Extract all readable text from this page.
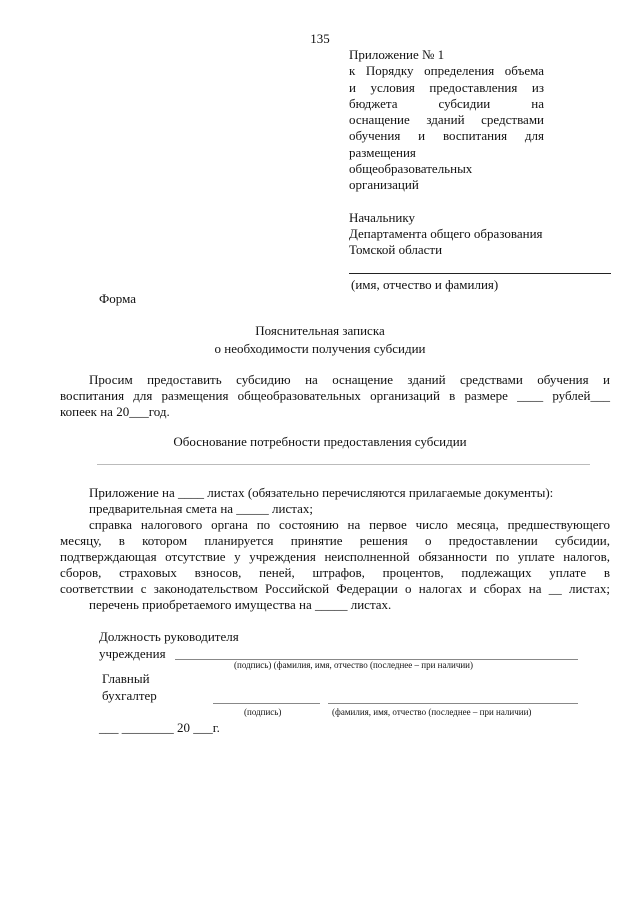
135
Приложение № 1
к Порядку определения объема
и условия предоставления из
бюджета субсидии на
оснащение зданий средствами
обучения и воспитания для
размещения
общеобразовательных
организаций
Начальнику
Департамента общего образования
Томской области
(имя, отчество и фамилия)
Форма
Пояснительная записка
о необходимости получения субсидии
Просим предоставить субсидию на оснащение зданий средствами обучения и
воспитания для размещения общеобразовательных организаций в размере ____ рублей___
копеек на 20___год.
Обоснование потребности предоставления субсидии
Приложение на ____ листах (обязательно перечисляются прилагаемые документы):
предварительная смета на _____ листах;
справка налогового органа по состоянию на первое число месяца, предшествующего
месяцу, в котором планируется принятие решения о предоставлении субсидии,
подтверждающая отсутствие у учреждения неисполненной обязанности по уплате налогов,
сборов, страховых взносов, пеней, штрафов, процентов, подлежащих уплате в
соответствии с законодательством Российской Федерации о налогах и сборах на __ листах;
перечень приобретаемого имущества на _____ листах.
Должность руководителя
учреждения
(подпись) (фамилия, имя, отчество (последнее – при наличии)
Главный
бухгалтер
(подпись)	(фамилия, имя, отчество (последнее – при наличии)
___ ________ 20 ___г.
